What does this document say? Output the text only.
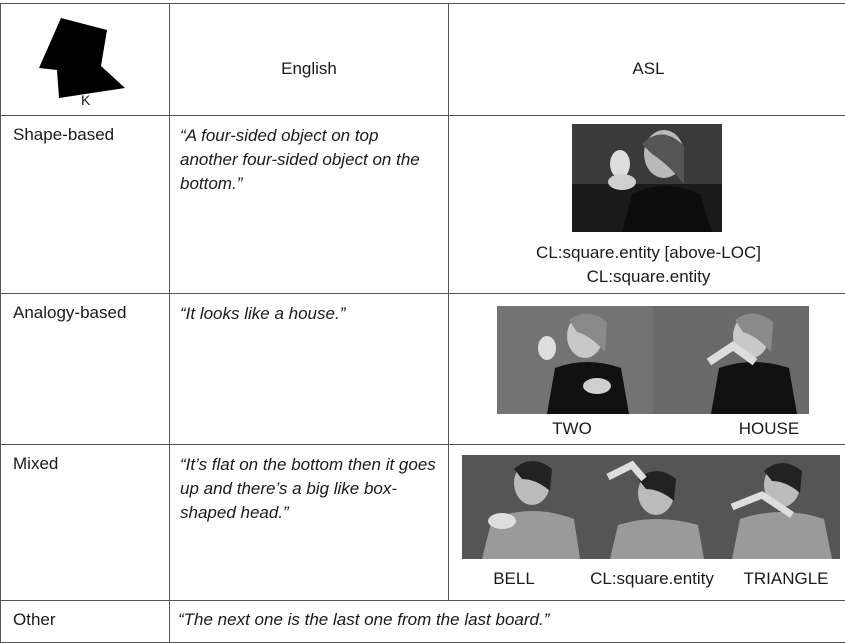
K	English	ASL

Shape-based	“A four-sided object on top another four-sided object on the bottom.”	CL:square.entity [above-LOC]
CL:square.entity

Analogy-based	“It looks like a house.”	TWO HOUSE

Mixed	“It’s flat on the bottom then it goes up and there’s a big like box-shaped head.”	BELL CL:square.entity TRIANGLE

Other	“The next one is the last one from the last board.”	
